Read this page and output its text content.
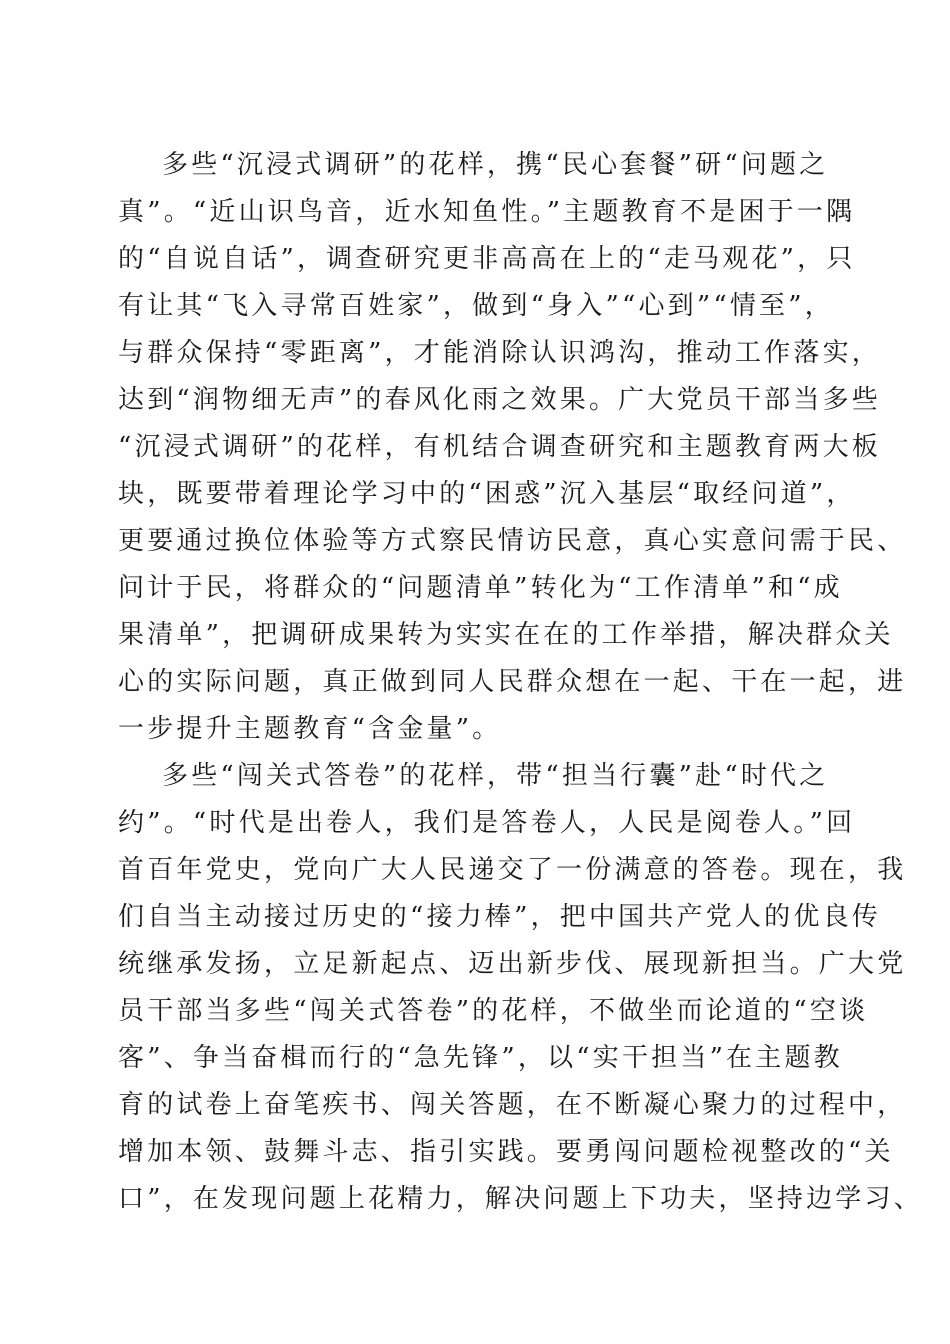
多些“沉浸式调研”的花样，携“民心套餐”研“问题之
真”。“近山识鸟音，近水知鱼性。”主题教育不是困于一隅
的“自说自话”，调查研究更非高高在上的“走马观花”，只
有让其“飞入寻常百姓家”，做到“身入”“心到”“情至”，
与群众保持“零距离”，才能消除认识鸿沟，推动工作落实，
达到“润物细无声”的春风化雨之效果。广大党员干部当多些
“沉浸式调研”的花样，有机结合调查研究和主题教育两大板
块，既要带着理论学习中的“困惑”沉入基层“取经问道”，
更要通过换位体验等方式察民情访民意，真心实意问需于民、
问计于民，将群众的“问题清单”转化为“工作清单”和“成
果清单”，把调研成果转为实实在在的工作举措，解决群众关
心的实际问题，真正做到同人民群众想在一起、干在一起，进
一步提升主题教育“含金量”。
多些“闯关式答卷”的花样，带“担当行囊”赴“时代之
约”。“时代是出卷人，我们是答卷人，人民是阅卷人。”回
首百年党史，党向广大人民递交了一份满意的答卷。现在，我
们自当主动接过历史的“接力棒”，把中国共产党人的优良传
统继承发扬，立足新起点、迈出新步伐、展现新担当。广大党
员干部当多些“闯关式答卷”的花样，不做坐而论道的“空谈
客”、争当奋楫而行的“急先锋”，以“实干担当”在主题教
育的试卷上奋笔疾书、闯关答题，在不断凝心聚力的过程中，
增加本领、鼓舞斗志、指引实践。要勇闯问题检视整改的“关
口”，在发现问题上花精力，解决问题上下功夫，坚持边学习、
